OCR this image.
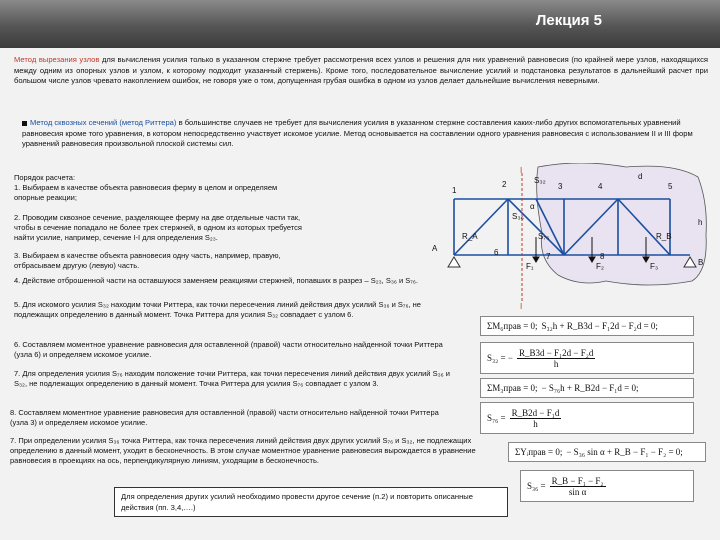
Лекция 5
Метод вырезания узлов для вычисления усилия только в указанном стержне требует рассмотрения всех узлов и решения для них уравнений равновесия (по крайней мере узлов, находящихся между одним из опорных узлов и узлом, к которому подходит указанный стержень). Кроме того, последовательное вычисление усилий и подстановка результатов в дальнейший расчет при большом числе узлов чревато накоплением ошибок, не говоря уже о том, допущенная грубая ошибка в одном из узлов делает дальнейшие вычисления неверными.
Метод сквозных сечений (метод Риттера) в большинстве случаев не требует для вычисления усилия в указанном стержне составления каких-либо других вспомогательных уравнений равновесия кроме того уравнения, в котором непосредственно участвует искомое усилие. Метод основывается на составлении одного уравнения равновесия с использованием II и III форм уравнений равновесия произвольной плоской системы сил.
Порядок расчета:
1. Выбираем в качестве объекта равновесия ферму в целом и определяем опорные реакции;
2. Проводим сквозное сечение, разделяющее ферму на две отдельные части так, чтобы в сечение попадало не более трех стержней, в одном из которых требуется найти усилие, например, сечение I-I для определения S₂₃.
3. Выбираем в качестве объекта равновесия одну часть, например, правую, отбрасываем другую (левую) часть.
4. Действие отброшенной части на оставшуюся заменяем реакциями стержней, попавших в разрез – S₂₃, S₃₆ и S₇₆.
5. Для искомого усилия S₃₂ находим точки Риттера, как точки пересечения линий действия двух усилий S₃₆ и S₇₆, не подлежащих определению в данный момент. Точка Риттера для усилия S₃₂ совпадает с узлом 6.
6. Составляем моментное уравнение равновесия для оставленной (правой) части относительно найденной точки Риттера (узла 6) и определяем искомое усилие.
7. Для определения усилия S₇₆ находим положение точки Риттера, как точки пересечения линий действия двух усилий S₃₆ и S₃₂, не подлежащих определению в данный момент. Точка Риттера для усилия S₇₆ совпадает с узлом 3.
8. Составляем моментное уравнение равновесия для оставленной (правой) части относительно найденной точки Риттера (узла 3) и определяем искомое усилие.
7. При определении усилия S₃₆ точка Риттера, как точка пересечения линий действия двух других усилий S₇₆ и S₃₂, не подлежащих определению в данный момент, уходит в бесконечность. В этом случае моментное уравнение равновесия вырождается в уравнение равновесия в проекциях на ось, перпендикулярную линиям, уходящим в бесконечность.
1
2	3	4	5
6	7	8
A
B
R_A	R_B
S₃₂
S₃₆
S₇₆
F₁	F₂	F₃
d
h
α
I
I
ΣM₆прав = 0; S₃₂h + R_B3d − F₁2d − F₂d = 0;
S₃₂ = − $\frac{\text{R\_B3d − F₁2d − F₂d}}{h}$
ΣM₃прав = 0; − S₇₆h + R_B2d − F₁d = 0;
$S_{76} = \frac{\text{R\_B2d − F₁d}}{h}$
ΣYᵢправ = 0; − S₃₆ sin α + R_B − F₁ − F₂ = 0;
$S_{36} = \frac{\text{R\_B − F₁ − F₂}}{\text{sin α}}$
Для определения других усилий необходимо провести другое сечение (п.2) и повторить описанные действия (пп. 3,4,….)
